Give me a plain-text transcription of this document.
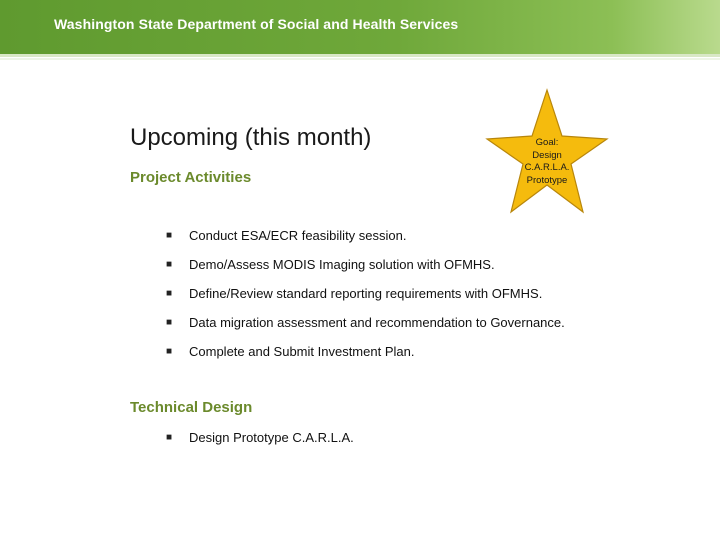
Washington State Department of Social and Health Services
Upcoming (this month)	Goal:
Design
C.A.R.L.A.
Prototype
Project Activities
■ Conduct ESA/ECR feasibility session.
■ Demo/Assess MODIS Imaging solution with OFMHS.
■ Define/Review standard reporting requirements with OFMHS.
■ Data migration assessment and recommendation to Governance.
■ Complete and Submit Investment Plan.
Technical Design
■ Design Prototype C.A.R.L.A.
